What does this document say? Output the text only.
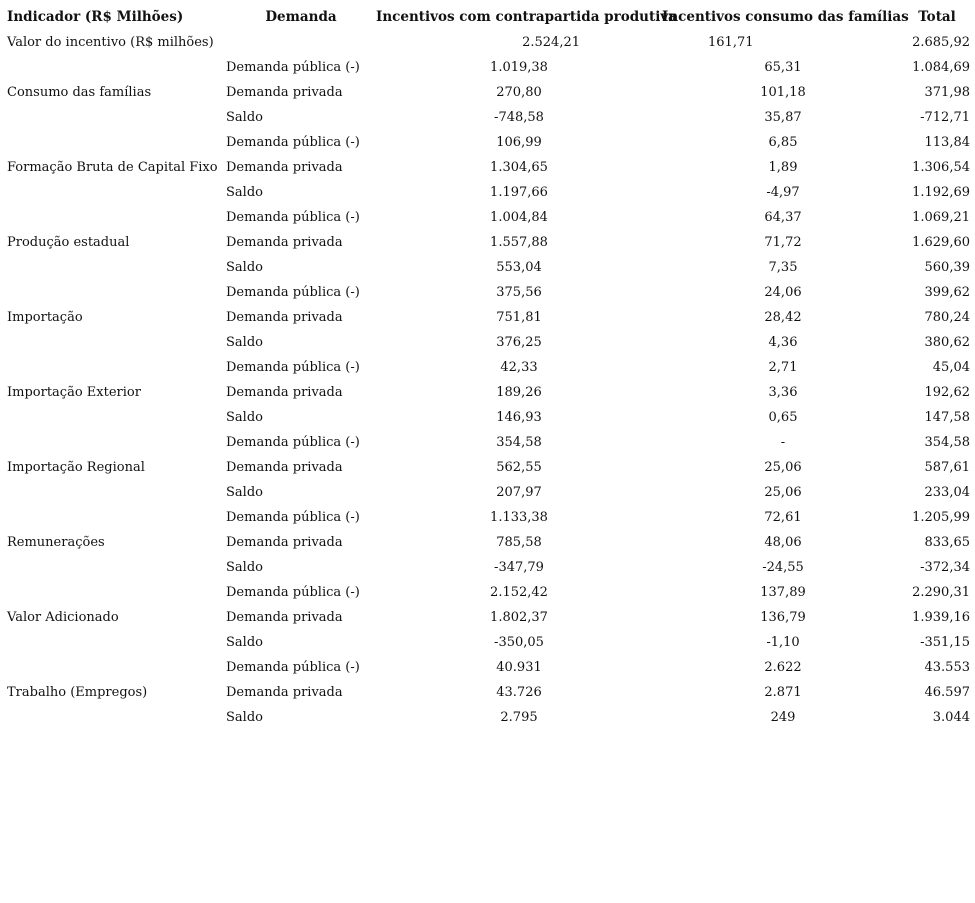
Indicador (R$ Milhões)	Demanda	Incentivos com contrapartida produtiva	Incentivos consumo das famílias	Total
Valor do incentivo (R$ milhões)		2.524,21	161,71	2.685,92
	Demanda pública (-)	1.019,38	65,31	1.084,69
Consumo das famílias	Demanda privada	270,80	101,18	371,98
	Saldo	-748,58	35,87	-712,71
	Demanda pública (-)	106,99	6,85	113,84
Formação Bruta de Capital Fixo	Demanda privada	1.304,65	1,89	1.306,54
	Saldo	1.197,66	-4,97	1.192,69
	Demanda pública (-)	1.004,84	64,37	1.069,21
Produção estadual	Demanda privada	1.557,88	71,72	1.629,60
	Saldo	553,04	7,35	560,39
	Demanda pública (-)	375,56	24,06	399,62
Importação	Demanda privada	751,81	28,42	780,24
	Saldo	376,25	4,36	380,62
	Demanda pública (-)	42,33	2,71	45,04
Importação Exterior	Demanda privada	189,26	3,36	192,62
	Saldo	146,93	0,65	147,58
	Demanda pública (-)	354,58	-	354,58
Importação Regional	Demanda privada	562,55	25,06	587,61
	Saldo	207,97	25,06	233,04
	Demanda pública (-)	1.133,38	72,61	1.205,99
Remunerações	Demanda privada	785,58	48,06	833,65
	Saldo	-347,79	-24,55	-372,34
	Demanda pública (-)	2.152,42	137,89	2.290,31
Valor Adicionado	Demanda privada	1.802,37	136,79	1.939,16
	Saldo	-350,05	-1,10	-351,15
	Demanda pública (-)	40.931	2.622	43.553
Trabalho (Empregos)	Demanda privada	43.726	2.871	46.597
	Saldo	2.795	249	3.044
